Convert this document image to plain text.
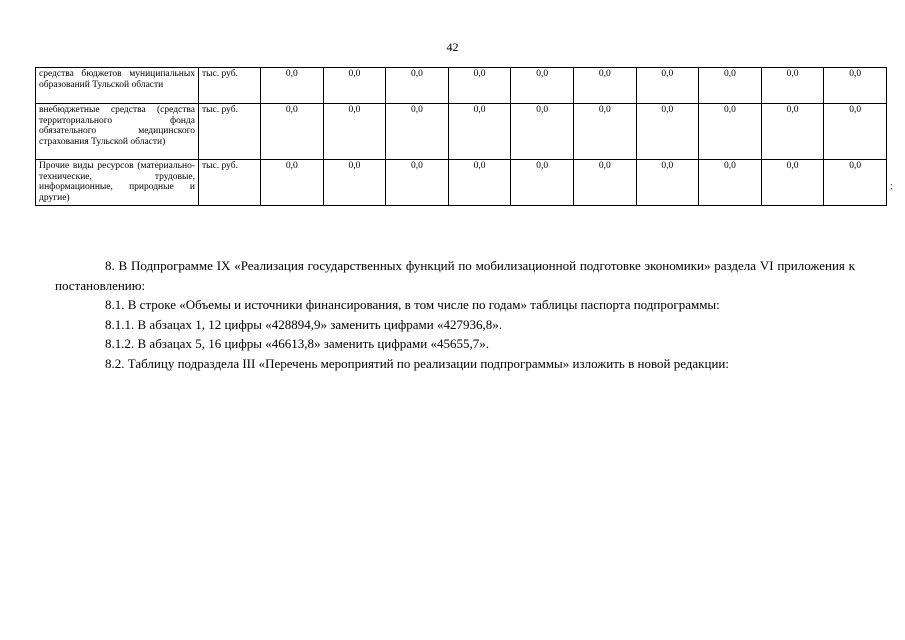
42
средства бюджетов муниципальных образований Тульской области	тыс. руб.	0,0	0,0	0,0	0,0	0,0	0,0	0,0	0,0	0,0	0,0
внебюджетные средства (средства территориального фонда обязательного медицинского страхования Тульской области)	тыс. руб.	0,0	0,0	0,0	0,0	0,0	0,0	0,0	0,0	0,0	0,0
Прочие виды ресурсов (материально-технические, трудовые, информационные, природные и другие)	тыс. руб.	0,0	0,0	0,0	0,0	0,0	0,0	0,0	0,0	0,0	0,0
;

8. В Подпрограмме IX «Реализация государственных функций по мобилизационной подготовке экономики» раздела VI приложения к постановлению:

8.1. В строке «Объемы и источники финансирования, в том числе по годам» таблицы паспорта подпрограммы:

8.1.1. В абзацах 1, 12 цифры «428894,9» заменить цифрами «427936,8».

8.1.2. В абзацах 5, 16 цифры «46613,8» заменить цифрами «45655,7».

8.2. Таблицу подраздела III «Перечень мероприятий по реализации подпрограммы» изложить в новой редакции:
